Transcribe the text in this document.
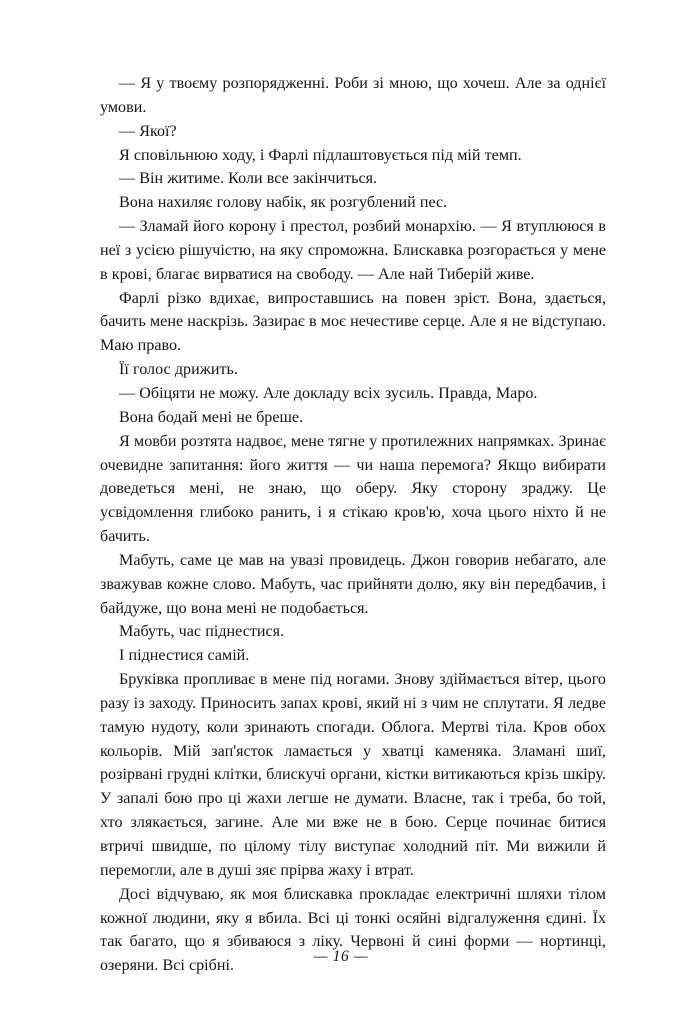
— Я у твоєму розпорядженні. Роби зі мною, що хочеш. Але за однієї умови.

— Якої?

Я сповільнюю ходу, і Фарлі підлаштовується під мій темп.

— Він житиме. Коли все закінчиться.

Вона нахиляє голову набік, як розгублений пес.

— Зламай його корону і престол, розбий монархію. — Я втуплююся в неї з усією рішучістю, на яку спроможна. Блискавка розгорається у мене в крові, благає вирватися на свободу. — Але най Тиберій живе.

Фарлі різко вдихає, випроставшись на повен зріст. Вона, здається, бачить мене наскрізь. Зазирає в моє нечестиве серце. Але я не відступаю. Маю право.

Її голос дрижить.

— Обіцяти не можу. Але докладу всіх зусиль. Правда, Маро.

Вона бодай мені не бреше.

Я мовби розтята надвоє, мене тягне у протилежних напрямках. Зринає очевидне запитання: його життя — чи наша перемога? Якщо вибирати доведеться мені, не знаю, що оберу. Яку сторону зраджу. Це усвідомлення глибоко ранить, і я стікаю кров'ю, хоча цього ніхто й не бачить.

Мабуть, саме це мав на увазі провидець. Джон говорив небагато, але зважував кожне слово. Мабуть, час прийняти долю, яку він передбачив, і байдуже, що вона мені не подобається.

Мабуть, час піднестися.

І піднестися самій.

Бруківка пропливає в мене під ногами. Знову здіймається вітер, цього разу із заходу. Приносить запах крові, який ні з чим не сплутати. Я ледве тамую нудоту, коли зринають спогади. Облога. Мертві тіла. Кров обох кольорів. Мій зап'ясток ламається у хватці каменяка. Зламані шиї, розірвані грудні клітки, блискучі органи, кістки витикаються крізь шкіру. У запалі бою про ці жахи легше не думати. Власне, так і треба, бо той, хто злякається, загине. Але ми вже не в бою. Серце починає битися втричі швидше, по цілому тілу виступає холодний піт. Ми вижили й перемогли, але в душі зяє прірва жаху і втрат.

Досі відчуваю, як моя блискавка прокладає електричні шляхи тілом кожної людини, яку я вбила. Всі ці тонкі осяйні відгалуження єдині. Їх так багато, що я збиваюся з ліку. Червоні й сині форми — нортинці, озеряни. Всі срібні.

— 16 —
